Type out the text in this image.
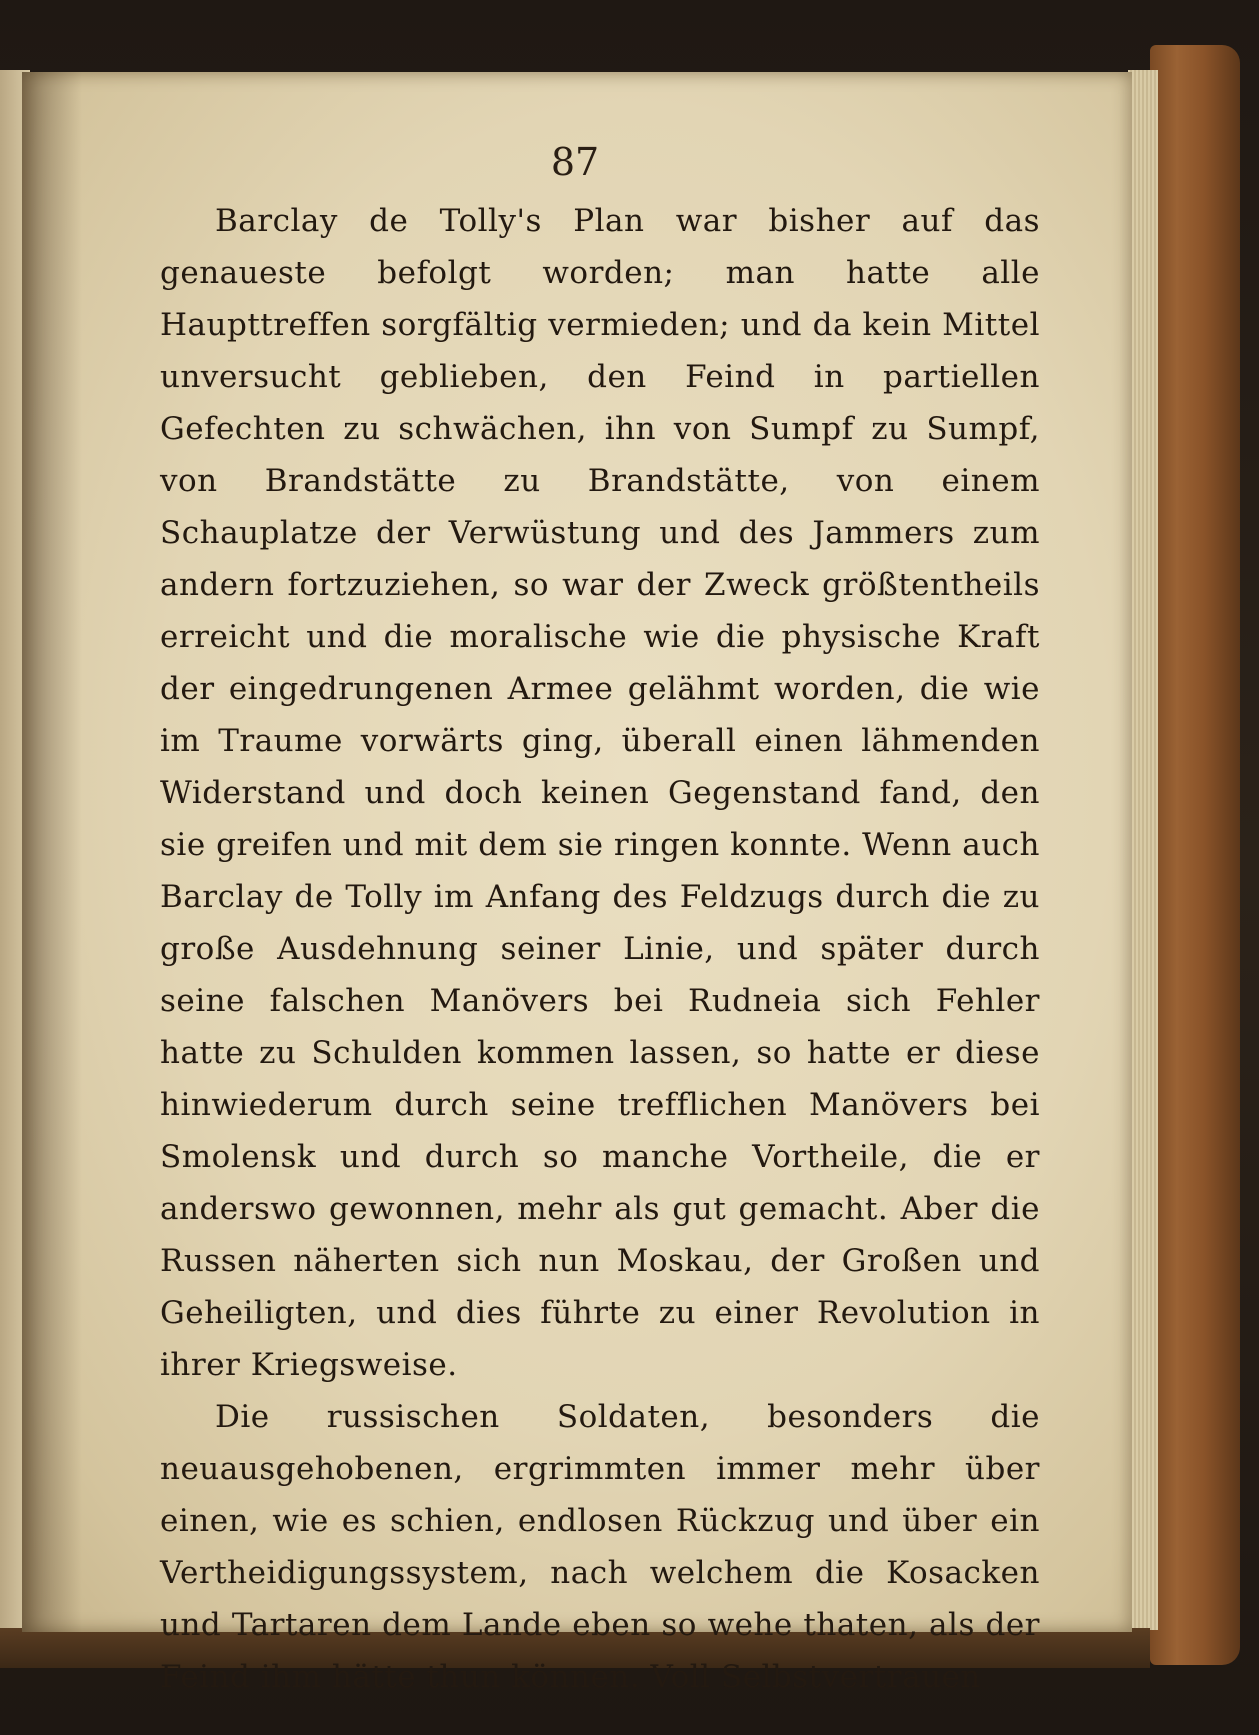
87

Barclay de Tolly's Plan war bisher auf das genaueste befolgt worden; man hatte alle Haupttreffen sorgfältig vermieden; und da kein Mittel unversucht geblieben, den Feind in partiellen Gefechten zu schwächen, ihn von Sumpf zu Sumpf, von Brandstätte zu Brandstätte, von einem Schauplatze der Verwüstung und des Jammers zum andern fortzuziehen, so war der Zweck größtentheils erreicht und die moralische wie die physische Kraft der eingedrungenen Armee gelähmt worden, die wie im Traume vorwärts ging, überall einen lähmenden Widerstand und doch keinen Gegenstand fand, den sie greifen und mit dem sie ringen konnte. Wenn auch Barclay de Tolly im Anfang des Feldzugs durch die zu große Ausdehnung seiner Linie, und später durch seine falschen Manövers bei Rudneia sich Fehler hatte zu Schulden kommen lassen, so hatte er diese hinwiederum durch seine trefflichen Manövers bei Smolensk und durch so manche Vortheile, die er anderswo gewonnen, mehr als gut gemacht. Aber die Russen näherten sich nun Moskau, der Großen und Geheiligten, und dies führte zu einer Revolution in ihrer Kriegsweise.

Die russischen Soldaten, besonders die neuausgehobenen, ergrimmten immer mehr über einen, wie es schien, endlosen Rückzug und über ein Vertheidigungssystem, nach welchem die Kosacken und Tartaren dem Lande eben so wehe thaten, als der Feind ihm hätte thun können. Voll Selbstvertrauen
